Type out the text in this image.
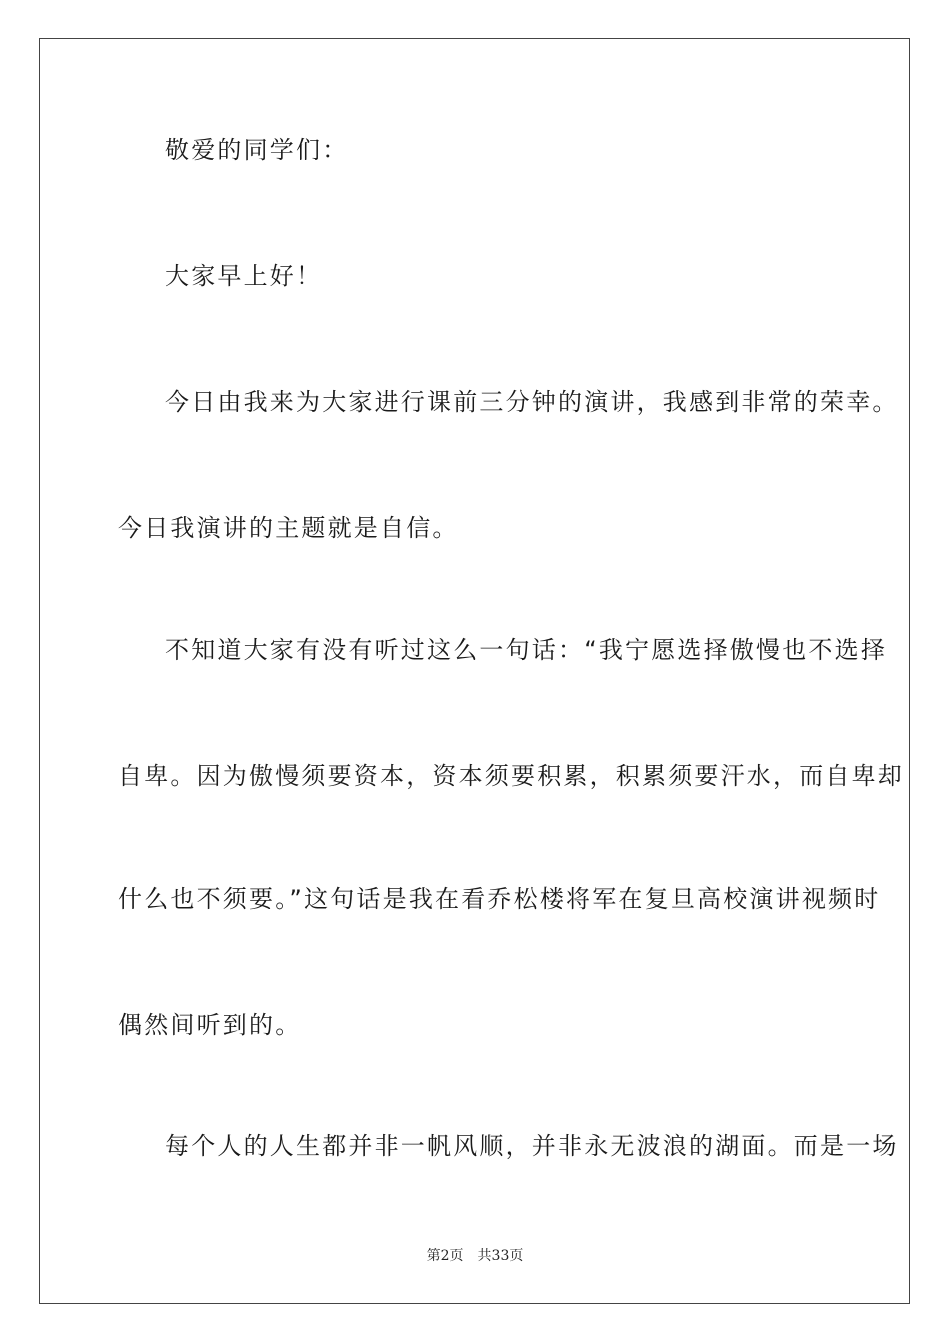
敬爱的同学们：
大家早上好！
今日由我来为大家进行课前三分钟的演讲，我感到非常的荣幸。
今日我演讲的主题就是自信。
不知道大家有没有听过这么一句话：“我宁愿选择傲慢也不选择
自卑。因为傲慢须要资本，资本须要积累，积累须要汗水，而自卑却
什么也不须要。”这句话是我在看乔松楼将军在复旦高校演讲视频时
偶然间听到的。
每个人的人生都并非一帆风顺，并非永无波浪的湖面。而是一场
第2页 共33页
